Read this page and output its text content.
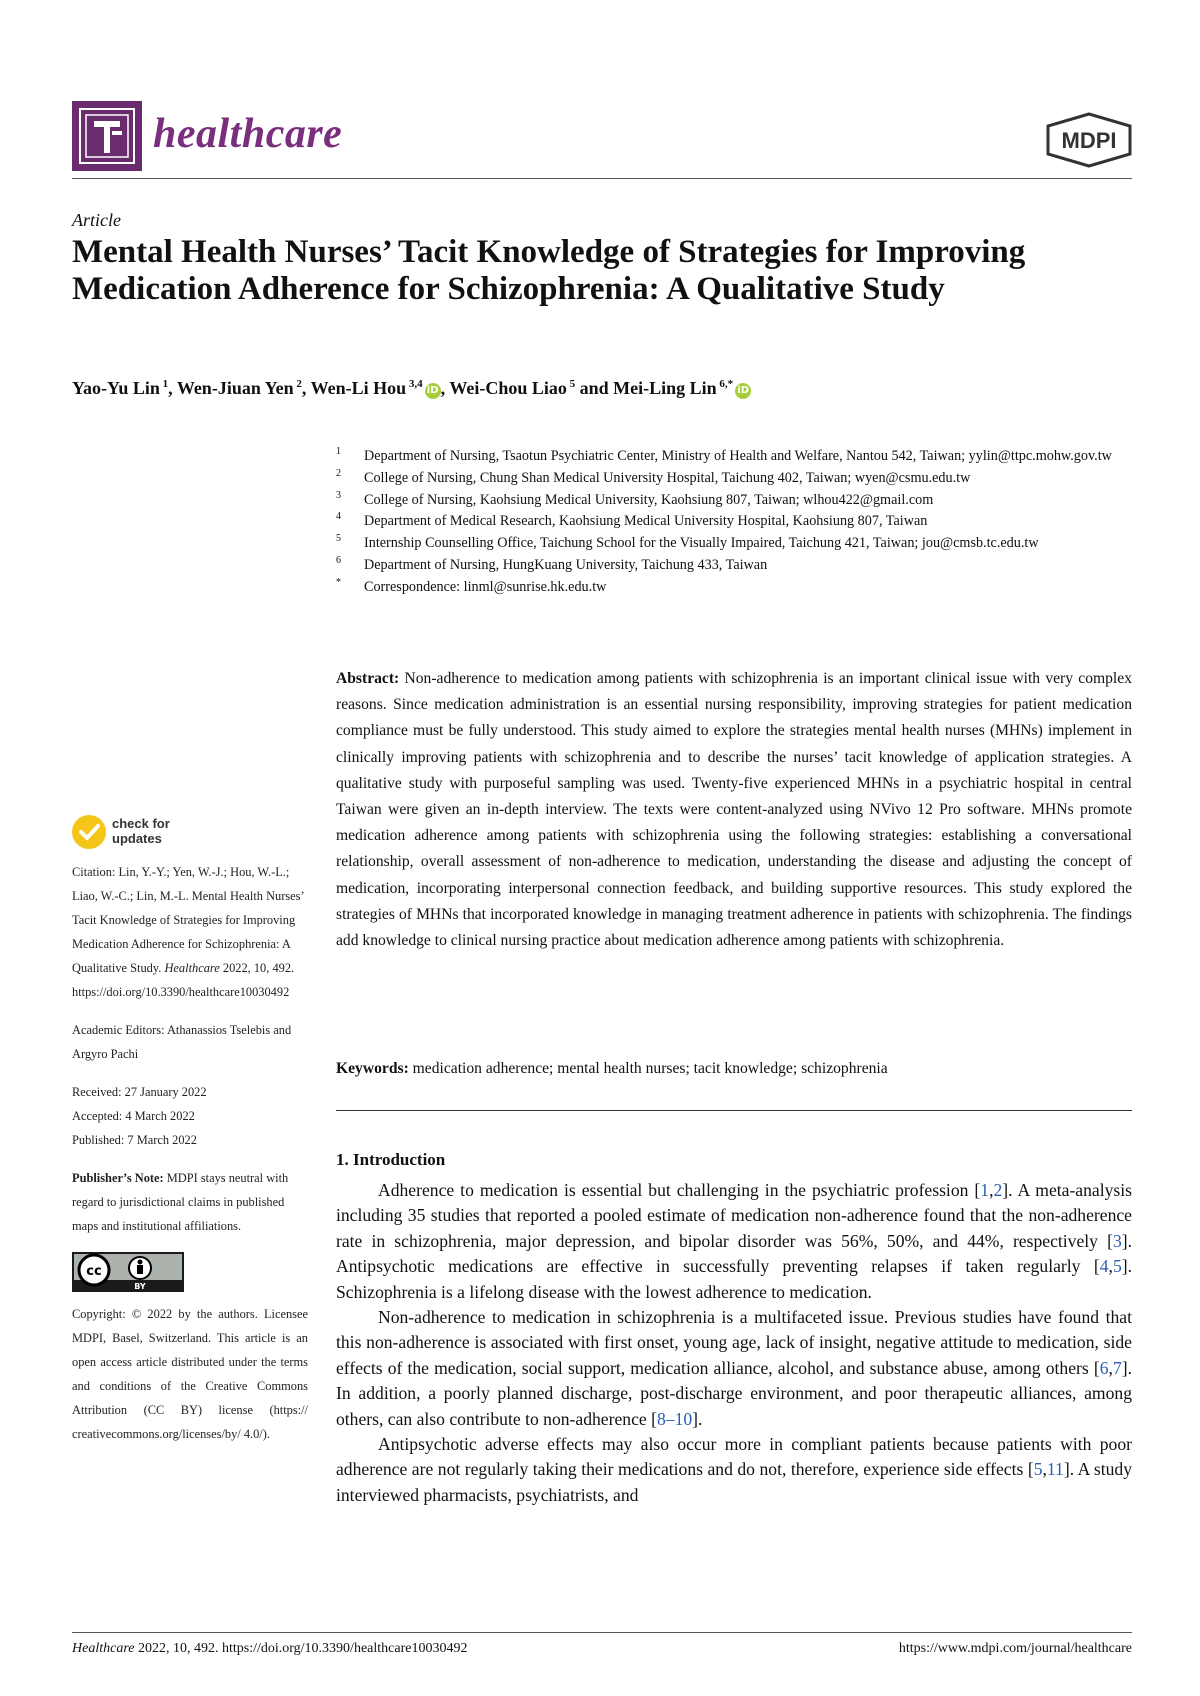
healthcare	MDPI
Article
Mental Health Nurses’ Tacit Knowledge of Strategies for Improving Medication Adherence for Schizophrenia: A Qualitative Study
Yao-Yu Lin $^1$, Wen-Jiuan Yen $^2$, Wen-Li Hou $^{3,4}$iD , Wei-Chou Liao $^5$ and Mei-Ling Lin $^{6,*}$iD
1 Department of Nursing, Tsaotun Psychiatric Center, Ministry of Health and Welfare, Nantou 542, Taiwan; yylin@ttpc.mohw.gov.tw
2 College of Nursing, Chung Shan Medical University Hospital, Taichung 402, Taiwan; wyen@csmu.edu.tw
3 College of Nursing, Kaohsiung Medical University, Kaohsiung 807, Taiwan; wlhou422@gmail.com
4 Department of Medical Research, Kaohsiung Medical University Hospital, Kaohsiung 807, Taiwan
5 Internship Counselling Office, Taichung School for the Visually Impaired, Taichung 421, Taiwan; jou@cmsb.tc.edu.tw
6 Department of Nursing, HungKuang University, Taichung 433, Taiwan
* Correspondence: linml@sunrise.hk.edu.tw
Abstract: Non-adherence to medication among patients with schizophrenia is an important clinical issue with very complex reasons. Since medication administration is an essential nursing responsibility, improving strategies for patient medication compliance must be fully understood. This study aimed to explore the strategies mental health nurses (MHNs) implement in clinically improving patients with schizophrenia and to describe the nurses’ tacit knowledge of application strategies. A qualitative study with purposeful sampling was used. Twenty-five experienced MHNs in a psychiatric hospital in central Taiwan were given an in-depth interview. The texts were content-analyzed using NVivo 12 Pro software. MHNs promote medication adherence among patients with schizophrenia using the following strategies: establishing a conversational relationship, overall assessment of non-adherence to medication, understanding the disease and adjusting the concept of medication, incorporating interpersonal connection feedback, and building supportive resources. This study explored the strategies of MHNs that incorporated knowledge in managing treatment adherence in patients with schizophrenia. The findings add knowledge to clinical nursing practice about medication adherence among patients with schizophrenia.
Keywords: medication adherence; mental health nurses; tacit knowledge; schizophrenia
check for
updates
Citation: Lin, Y.-Y.; Yen, W.-J.; Hou, W.-L.; Liao, W.-C.; Lin, M.-L. Mental Health Nurses’ Tacit Knowledge of Strategies for Improving Medication Adherence for Schizophrenia: A Qualitative Study. Healthcare 2022, 10, 492. https://doi.org/10.3390/healthcare10030492
Academic Editors: Athanassios Tselebis and Argyro Pachi
Received: 27 January 2022
Accepted: 4 March 2022
Published: 7 March 2022
Publisher’s Note: MDPI stays neutral with regard to jurisdictional claims in published maps and institutional affiliations.
cc
BY
Copyright: © 2022 by the authors. Licensee MDPI, Basel, Switzerland. This article is an open access article distributed under the terms and conditions of the Creative Commons Attribution (CC BY) license (https:// creativecommons.org/licenses/by/ 4.0/).
1. Introduction

Adherence to medication is essential but challenging in the psychiatric profession [1,2]. A meta-analysis including 35 studies that reported a pooled estimate of medication non-adherence found that the non-adherence rate in schizophrenia, major depression, and bipolar disorder was 56%, 50%, and 44%, respectively [3]. Antipsychotic medications are effective in successfully preventing relapses if taken regularly [4,5]. Schizophrenia is a lifelong disease with the lowest adherence to medication.

Non-adherence to medication in schizophrenia is a multifaceted issue. Previous studies have found that this non-adherence is associated with first onset, young age, lack of insight, negative attitude to medication, side effects of the medication, social support, medication alliance, alcohol, and substance abuse, among others [6,7]. In addition, a poorly planned discharge, post-discharge environment, and poor therapeutic alliances, among others, can also contribute to non-adherence [8–10].

Antipsychotic adverse effects may also occur more in compliant patients because patients with poor adherence are not regularly taking their medications and do not, therefore, experience side effects [5,11]. A study interviewed pharmacists, psychiatrists, and

Healthcare 2022, 10, 492. https://doi.org/10.3390/healthcare10030492	https://www.mdpi.com/journal/healthcare
